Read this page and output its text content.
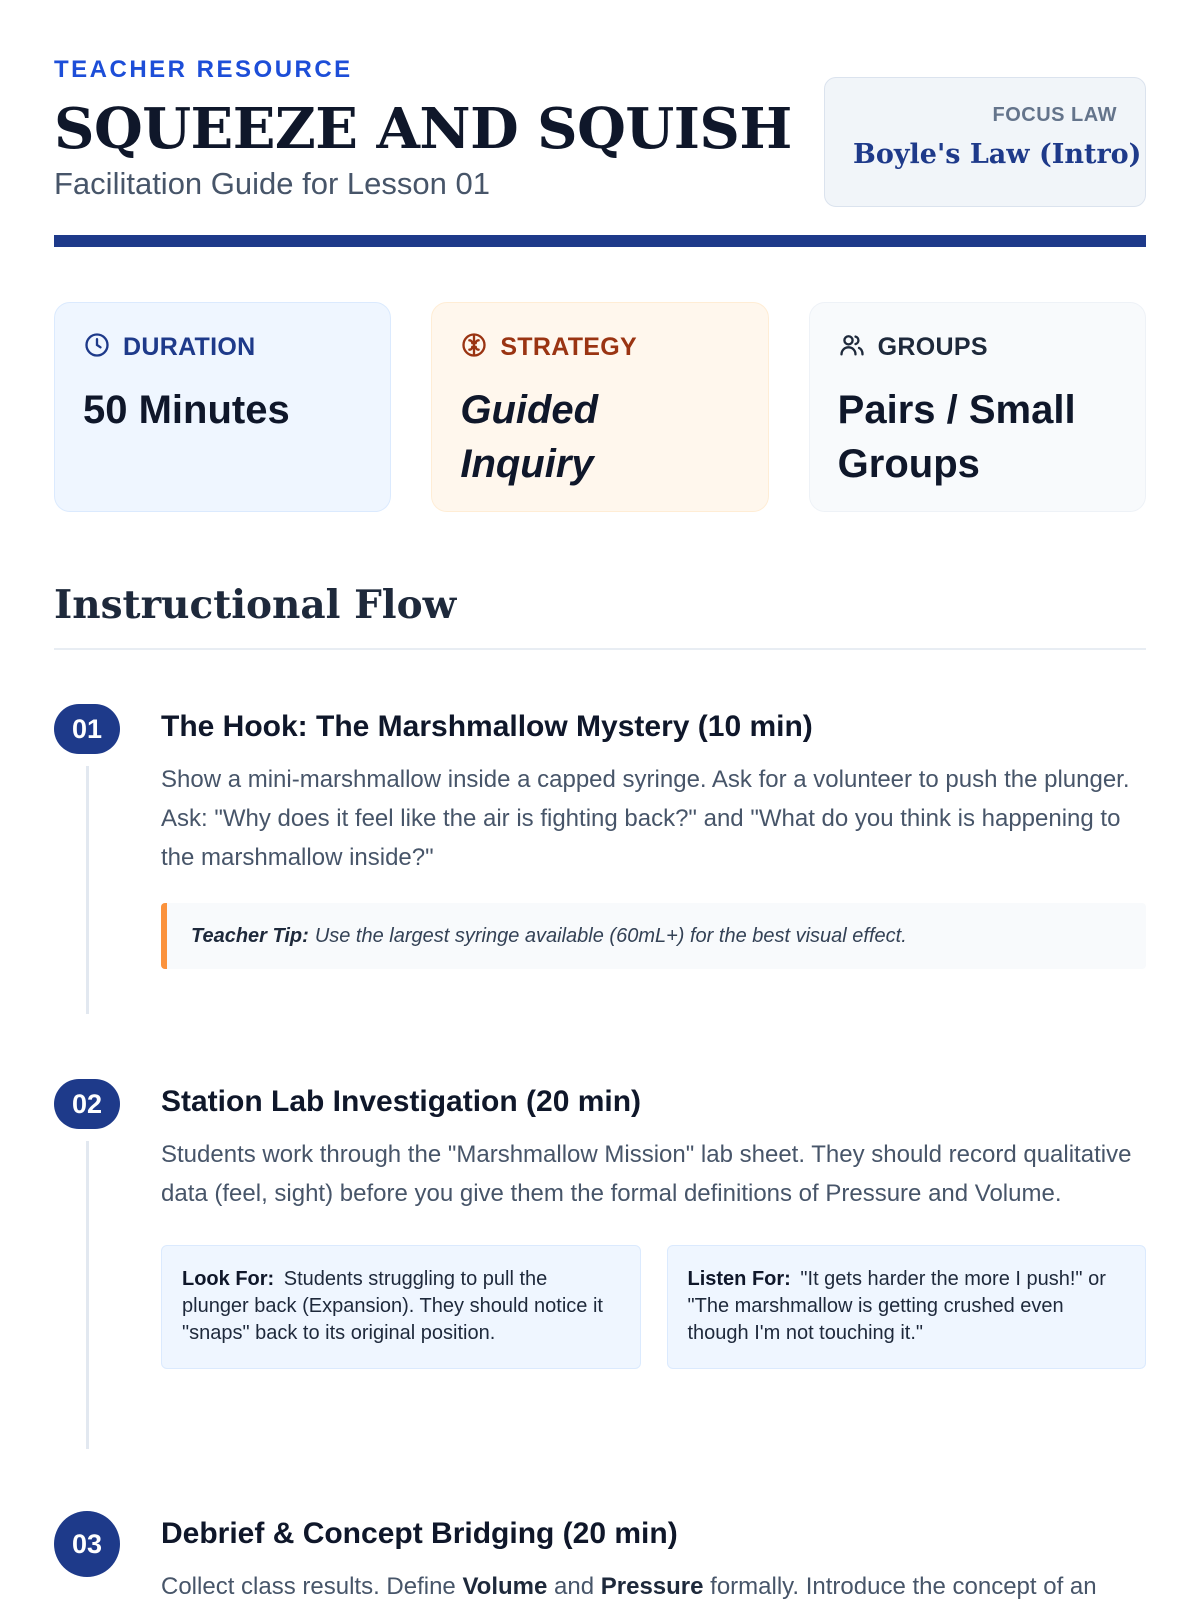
TEACHER RESOURCE
SQUEEZE AND SQUISH
Facilitation Guide for Lesson 01
FOCUS LAW
Boyle's Law (Intro)
DURATION
50 Minutes
STRATEGY
Guided Inquiry
GROUPS
Pairs / Small Groups
Instructional Flow
01	The Hook: The Marshmallow Mystery (10 min)
Show a mini-marshmallow inside a capped syringe. Ask for a volunteer to push the plunger. Ask: "Why does it feel like the air is fighting back?" and "What do you think is happening to the marshmallow inside?"
Teacher Tip: Use the largest syringe available (60mL+) for the best visual effect.
02	Station Lab Investigation (20 min)
Students work through the "Marshmallow Mission" lab sheet. They should record qualitative data (feel, sight) before you give them the formal definitions of Pressure and Volume.
Look For: Students struggling to pull the plunger back (Expansion). They should notice it "snaps" back to its original position.
Listen For: "It gets harder the more I push!" or "The marshmallow is getting crushed even though I'm not touching it."
03	Debrief & Concept Bridging (20 min)
Collect class results. Define Volume and Pressure formally. Introduce the concept of an
